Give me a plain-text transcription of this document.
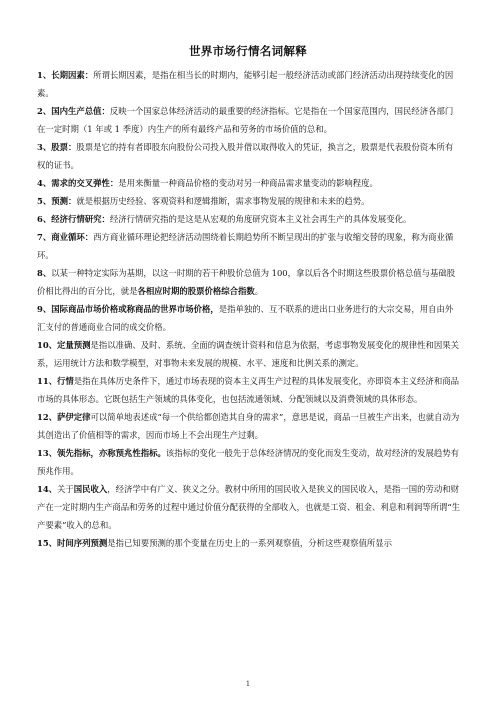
世界市场行情名词解释

1、长期因素：所谓长期因素，是指在相当长的时期内，能够引起一般经济活动或部门经济活动出现持续变化的因素。

2、国内生产总值：反映一个国家总体经济活动的最重要的经济指标。它是指在一个国家范围内，国民经济各部门在一定时期（1 年或 1 季度）内生产的所有最终产品和劳务的市场价值的总和。

3、股票：股票是它的持有者即股东向股份公司投入股并借以取得收入的凭证，换言之，股票是代表股份资本所有权的证书。

4、需求的交叉弹性：是用来衡量一种商品价格的变动对另一种商品需求量变动的影响程度。

5、预测：就是根据历史经验、客观资料和逻辑推断，需求事物发展的规律和未来的趋势。

6、经济行情研究：经济行情研究指的是这是从宏观的角度研究资本主义社会再生产的具体发展变化。

7、商业循环：西方商业循环理论把经济活动围绕着长期趋势所不断呈现出的扩张与收缩交替的现象，称为商业循环。

8、以某一种特定实际为基期，以这一时期的若干种股价总值为 100，拿以后各个时期这些股票价格总值与基础股价相比得出的百分比，就是各相应时期的股票价格综合指数。

9、国际商品市场价格或称商品的世界市场价格，是指单独的、互不联系的进出口业务进行的大宗交易，用自由外汇支付的普通商业合同的成交价格。

10、定量预测是指以准确、及时、系统、全面的调查统计资料和信息为依据，考虑事物发展变化的规律性和因果关系，运用统计方法和数学模型，对事物未来发展的规模、水平、速度和比例关系的测定。

11、行情是指在具体历史条件下，通过市场表现的资本主义再生产过程的具体发展变化，亦即资本主义经济和商品市场的具体形态。它既包括生产领域的具体变化，也包括流通领域、分配领域以及消费领域的具体形态。

12、萨伊定律可以简单地表述成“每一个供给都创造其自身的需求”，意思是说，商品一旦被生产出来，也就自动为其创造出了价值相等的需求，因而市场上不会出现生产过剩。

13、领先指标，亦称预兆性指标。该指标的变化一般先于总体经济情况的变化而发生变动，故对经济的发展趋势有预兆作用。

14、关于国民收入，经济学中有广义、狭义之分。教材中所用的国民收入是狭义的国民收入，是指一国的劳动和财产在一定时期内生产商品和劳务的过程中通过价值分配获得的全部收入，也就是工资、租金、利息和利润等所谓“生产要素”收入的总和。

15、时间序列预测是指已知要预测的那个变量在历史上的一系列观察值，分析这些观察值所显示

1
